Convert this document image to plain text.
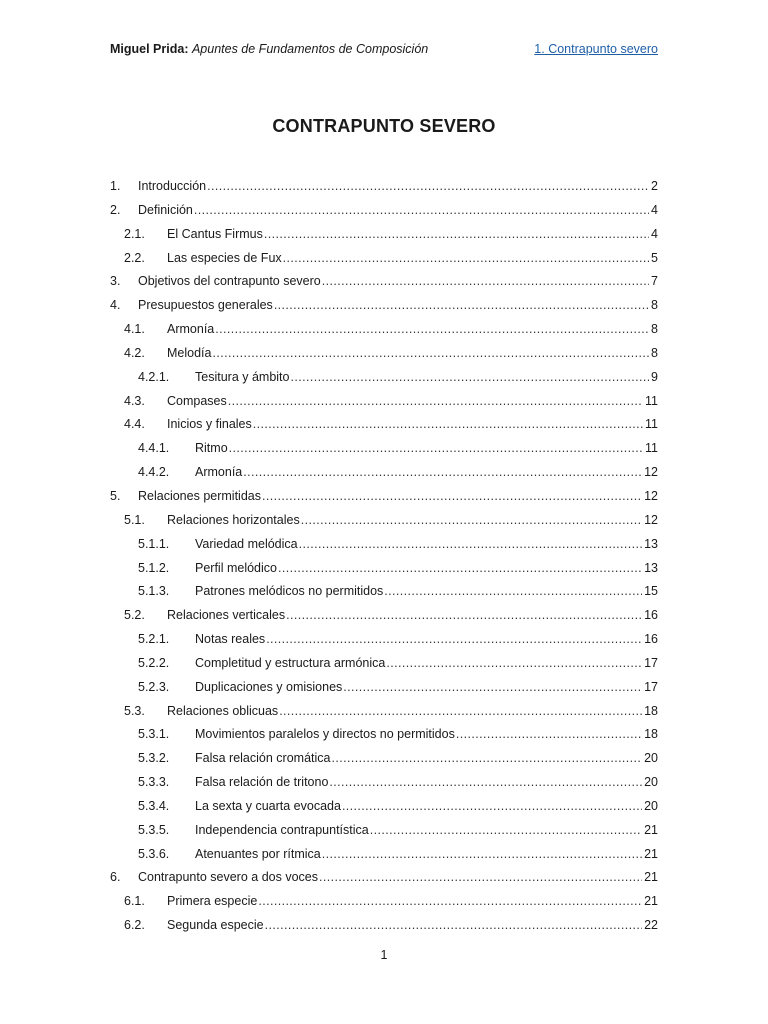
Miguel Prida: Apuntes de Fundamentos de Composición	1. Contrapunto severo
CONTRAPUNTO SEVERO
1. Introducción .....	2
2. Definición .....	4
2.1. El Cantus Firmus .....	4
2.2. Las especies de Fux .....	5
3. Objetivos del contrapunto severo .....	7
4. Presupuestos generales .....	8
4.1. Armonía .....	8
4.2. Melodía .....	8
4.2.1. Tesitura y ámbito .....	9
4.3. Compases .....	11
4.4. Inicios y finales .....	11
4.4.1. Ritmo .....	11
4.4.2. Armonía .....	12
5. Relaciones permitidas .....	12
5.1. Relaciones horizontales .....	12
5.1.1. Variedad melódica .....	13
5.1.2. Perfil melódico .....	13
5.1.3. Patrones melódicos no permitidos .....	15
5.2. Relaciones verticales .....	16
5.2.1. Notas reales .....	16
5.2.2. Completitud y estructura armónica .....	17
5.2.3. Duplicaciones y omisiones .....	17
5.3. Relaciones oblicuas .....	18
5.3.1. Movimientos paralelos y directos no permitidos .....	18
5.3.2. Falsa relación cromática .....	20
5.3.3. Falsa relación de tritono .....	20
5.3.4. La sexta y cuarta evocada .....	20
5.3.5. Independencia contrapuntística .....	21
5.3.6. Atenuantes por rítmica .....	21
6. Contrapunto severo a dos voces .....	21
6.1. Primera especie .....	21
6.2. Segunda especie .....	22
1
